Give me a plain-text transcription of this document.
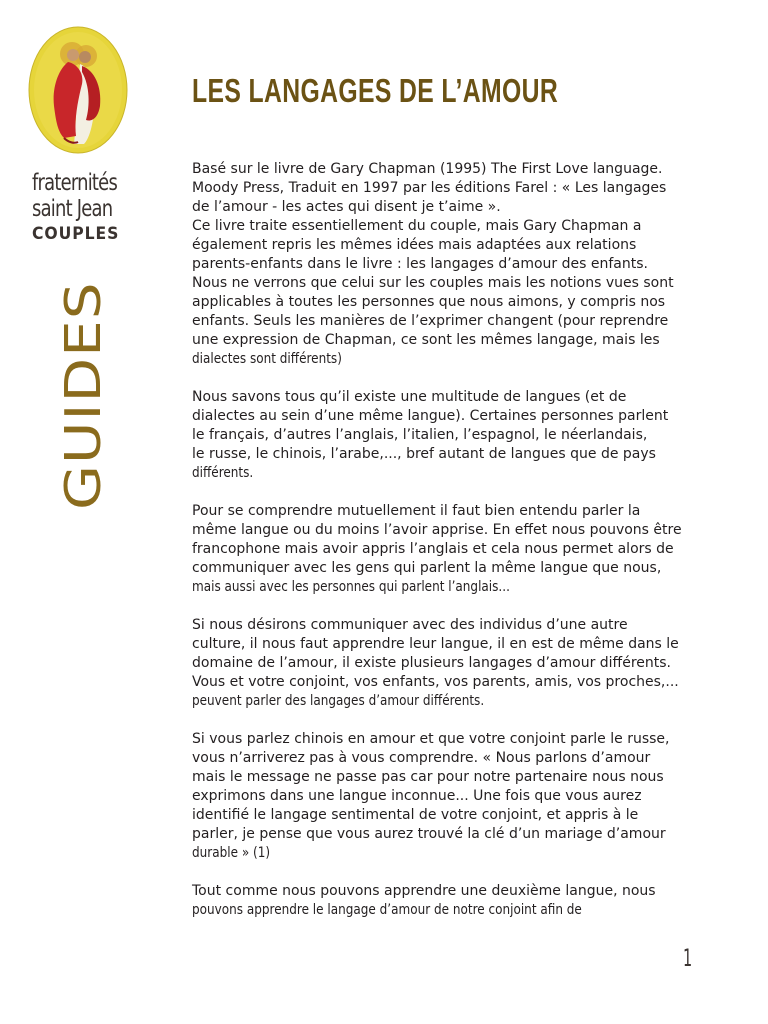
fraternités
saint Jean
COUPLES
GUIDES
LES LANGAGES DE L’AMOUR
Basé sur le livre de Gary Chapman (1995) The First Love language.
Moody Press, Traduit en 1997 par les éditions Farel : « Les langages
de l’amour - les actes qui disent je t’aime ».
Ce livre traite essentiellement du couple, mais Gary Chapman a
également repris les mêmes idées mais adaptées aux relations
parents-enfants dans le livre : les langages d’amour des enfants.
Nous ne verrons que celui sur les couples mais les notions vues sont
applicables à toutes les personnes que nous aimons, y compris nos
enfants. Seuls les manières de l’exprimer changent (pour reprendre
une expression de Chapman, ce sont les mêmes langage, mais les
dialectes sont différents)
Nous savons tous qu’il existe une multitude de langues (et de
dialectes au sein d’une même langue). Certaines personnes parlent
le français, d’autres l’anglais, l’italien, l’espagnol, le néerlandais,
le russe, le chinois, l’arabe,..., bref autant de langues que de pays
différents.
Pour se comprendre mutuellement il faut bien entendu parler la
même langue ou du moins l’avoir apprise. En effet nous pouvons être
francophone mais avoir appris l’anglais et cela nous permet alors de
communiquer avec les gens qui parlent la même langue que nous,
mais aussi avec les personnes qui parlent l’anglais...
Si nous désirons communiquer avec des individus d’une autre
culture, il nous faut apprendre leur langue, il en est de même dans le
domaine de l’amour, il existe plusieurs langages d’amour différents.
Vous et votre conjoint, vos enfants, vos parents, amis, vos proches,...
peuvent parler des langages d’amour différents.
Si vous parlez chinois en amour et que votre conjoint parle le russe,
vous n’arriverez pas à vous comprendre. « Nous parlons d’amour
mais le message ne passe pas car pour notre partenaire nous nous
exprimons dans une langue inconnue... Une fois que vous aurez
identifié le langage sentimental de votre conjoint, et appris à le
parler, je pense que vous aurez trouvé la clé d’un mariage d’amour
durable » (1)
Tout comme nous pouvons apprendre une deuxième langue, nous
pouvons apprendre le langage d’amour de notre conjoint afin de
1
